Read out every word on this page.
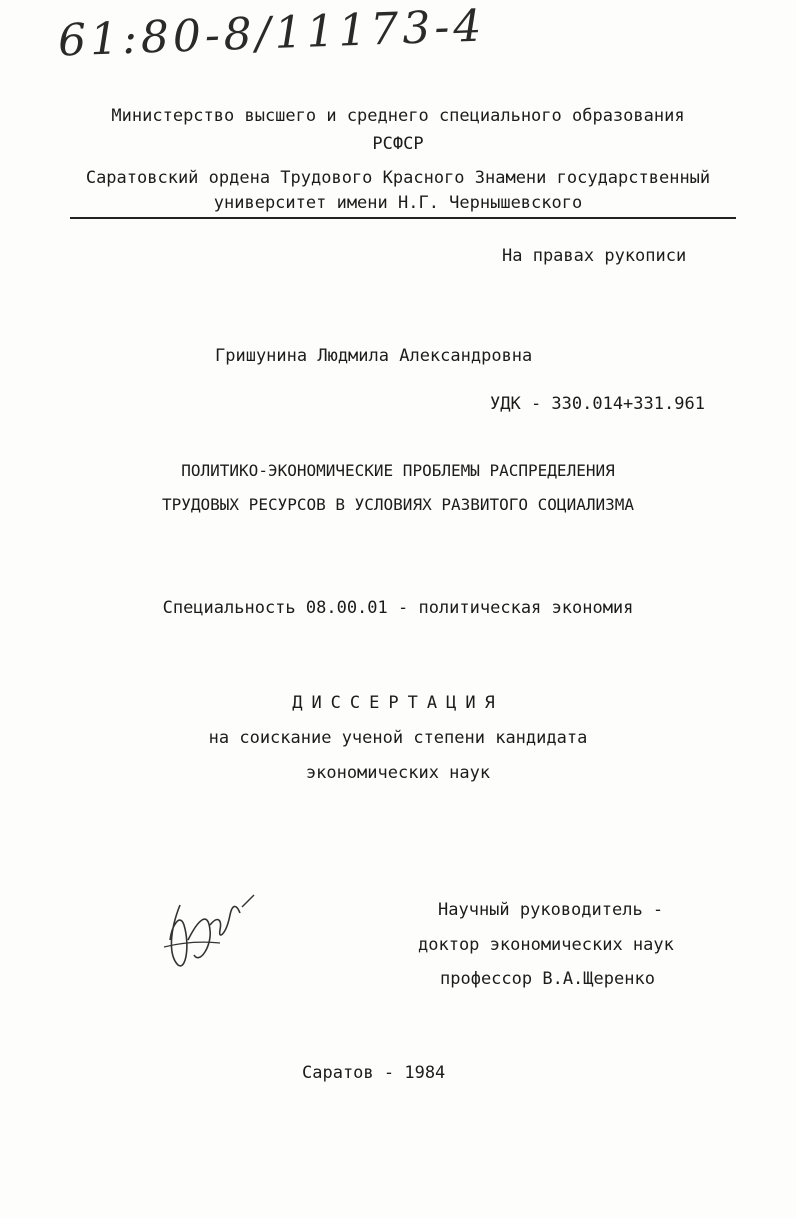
61:80-8/11173-4
Министерство высшего и среднего специального образования
РСФСР
Саратовский ордена Трудового Красного Знамени государственный
университет имени Н.Г. Чернышевского
На правах рукописи
Гришунина Людмила Александровна
УДК - 330.014+331.961
ПОЛИТИКО-ЭКОНОМИЧЕСКИЕ ПРОБЛЕМЫ РАСПРЕДЕЛЕНИЯ
ТРУДОВЫХ РЕСУРСОВ В УСЛОВИЯХ РАЗВИТОГО СОЦИАЛИЗМА
Специальность 08.00.01 - политическая экономия
ДИССЕРТАЦИЯ
на соискание ученой степени кандидата
экономических наук
Научный руководитель -
доктор экономических наук
профессор В.А.Щеренко
Саратов - 1984
